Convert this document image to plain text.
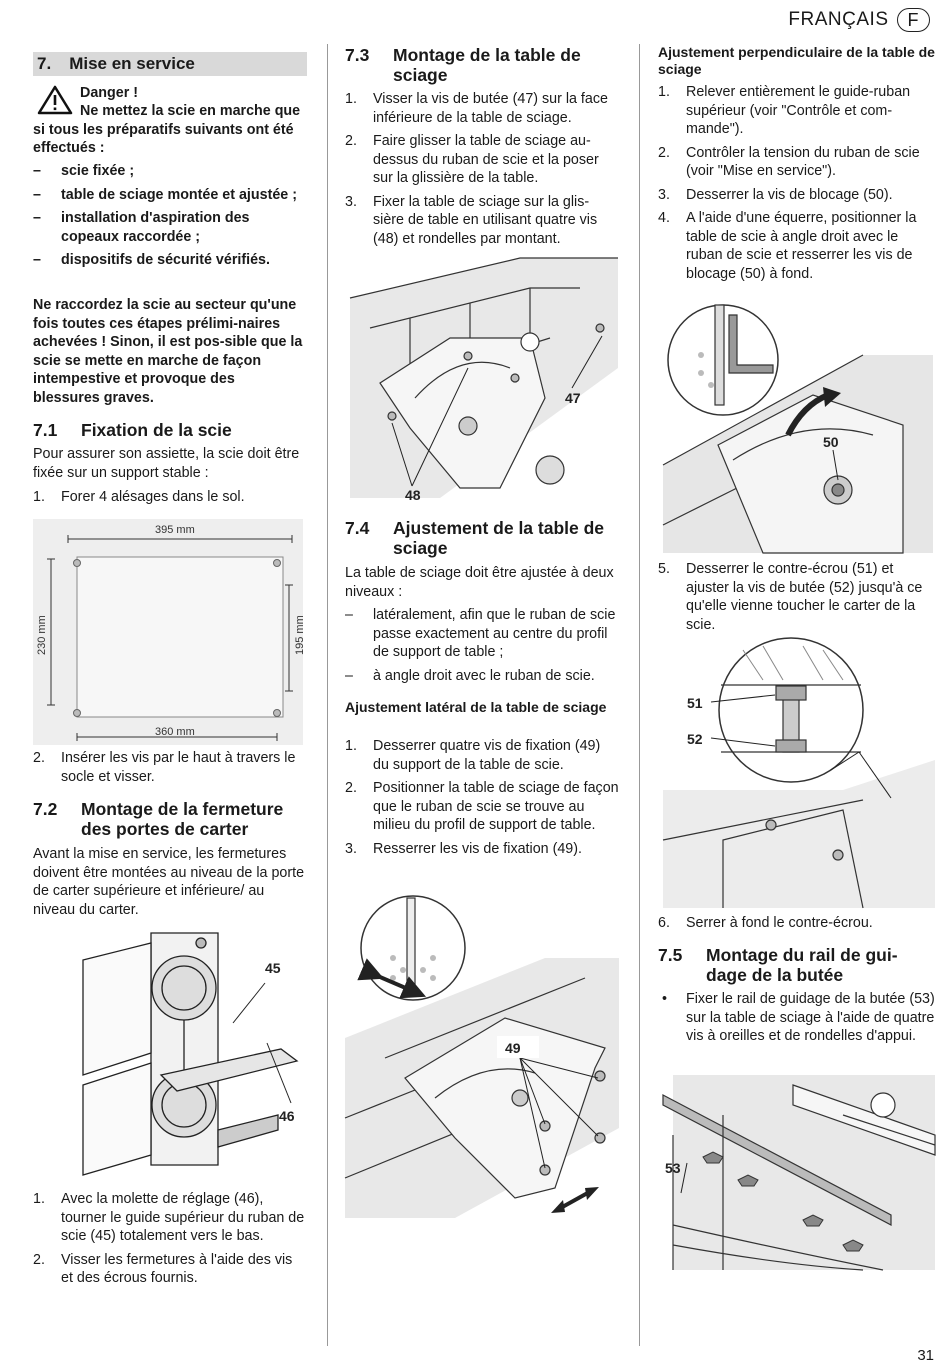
FRANÇAIS	F
7. Mise en service
Danger !
Ne mettez la scie en marche que si tous les préparatifs suivants ont été effectués :
–	scie fixée ;
–	table de sciage montée et ajustée ;
–	installation d'aspiration des copeaux raccordée ;
–	dispositifs de sécurité vérifiés.
Ne raccordez la scie au secteur qu'une fois toutes ces étapes prélimi-naires achevées ! Sinon, il est pos-sible que la scie se mette en marche de façon intempestive et provoque des blessures graves.
7.1	Fixation de la scie
Pour assurer son assiette, la scie doit être fixée sur un support stable :
1.	Forer 4 alésages dans le sol.
395 mm
230 mm	195 mm
360 mm
2.	Insérer les vis par le haut à travers le socle et visser.
7.2	Montage de la fermeture des portes de carter
Avant la mise en service, les fermetures doivent être montées au niveau de la porte de carter supérieure et inférieure/ au niveau du carter.
45
46
1.	Avec la molette de réglage (46), tourner le guide supérieur du ruban de scie (45) totalement vers le bas.
2.	Visser les fermetures à l'aide des vis et des écrous fournis.
7.3	Montage de la table de sciage
1.	Visser la vis de butée (47) sur la face inférieure de la table de sciage.
2.	Faire glisser la table de sciage au-dessus du ruban de scie et la poser sur la glissière de la table.
3.	Fixer la table de sciage sur la glis-sière de table en utilisant quatre vis (48) et rondelles par montant.
47
48
7.4	Ajustement de la table de sciage
La table de sciage doit être ajustée à deux niveaux :
–	latéralement, afin que le ruban de scie passe exactement au centre du profil de support de table ;
–	à angle droit avec le ruban de scie.
Ajustement latéral de la table de sciage
1.	Desserrer quatre vis de fixation (49) du support de la table de scie.
2.	Positionner la table de sciage de façon que le ruban de scie se trouve au milieu du profil de support de table.
3.	Resserrer les vis de fixation (49).
49
Ajustement perpendiculaire de la table de sciage
1.	Relever entièrement le guide-ruban supérieur (voir "Contrôle et com-mande").
2.	Contrôler la tension du ruban de scie (voir "Mise en service").
3.	Desserrer la vis de blocage (50).
4.	A l'aide d'une équerre, positionner la table de scie à angle droit avec le ruban de scie et resserrer les vis de blocage (50) à fond.
50
5.	Desserrer le contre-écrou (51) et ajuster la vis de butée (52) jusqu'à ce qu'elle vienne toucher le carter de la scie.
51
52
6.	Serrer à fond le contre-écrou.
7.5	Montage du rail de gui-dage de la butée
•	Fixer le rail de guidage de la butée (53) sur la table de sciage à l'aide de quatre vis à oreilles et de rondelles d'appui.
53
31
